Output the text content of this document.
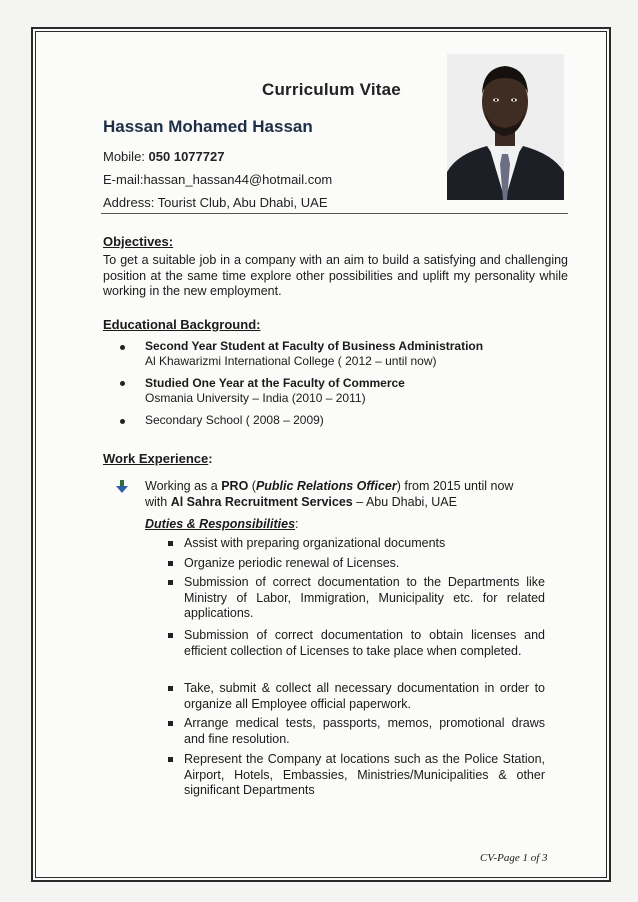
Curriculum Vitae
Hassan Mohamed Hassan
Mobile: 050 1077727
E-mail:hassan_hassan44@hotmail.com
Address: Tourist Club, Abu Dhabi, UAE
Objectives:
To get a suitable job in a company with an aim to build a satisfying and challenging position at the same time explore other possibilities and uplift my personality while working in the new employment.
Educational Background:
Second Year Student at Faculty of Business Administration
Al Khawarizmi International College ( 2012 – until now)
Studied One Year at the Faculty of Commerce
Osmania University – India (2010 – 2011)
Secondary School ( 2008 – 2009)
Work Experience:
Working as a PRO (Public Relations Officer) from 2015 until now
with Al Sahra Recruitment Services – Abu Dhabi, UAE
Duties & Responsibilities:
Assist with preparing organizational documents
Organize periodic renewal of Licenses.
Submission of correct documentation to the Departments like Ministry of Labor, Immigration, Municipality etc. for related applications.
Submission of correct documentation to obtain licenses and efficient collection of Licenses to take place when completed.
Take, submit & collect all necessary documentation in order to organize all Employee official paperwork.
Arrange medical tests, passports, memos, promotional draws and fine resolution.
Represent the Company at locations such as the Police Station, Airport, Hotels, Embassies, Ministries/Municipalities & other significant Departments
CV-Page 1 of 3
